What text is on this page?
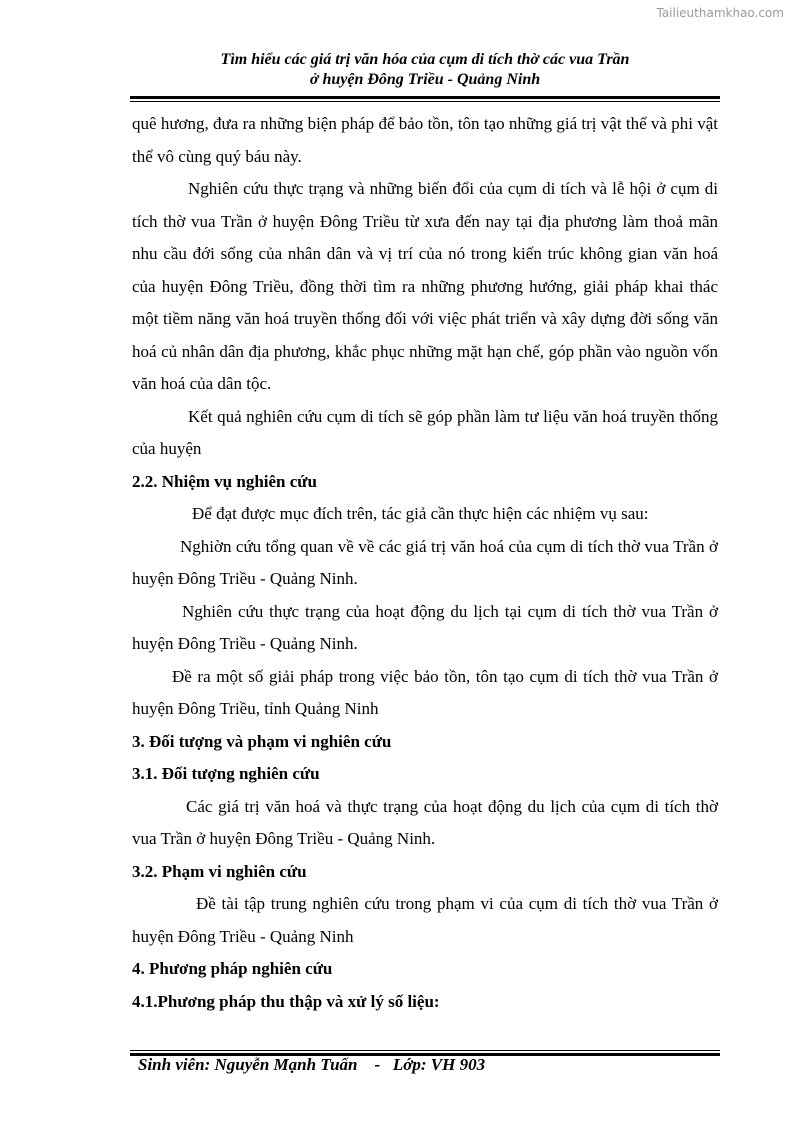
Tailieuthamkhao.com
Tìm hiểu các giá trị văn hóa của cụm di tích thờ các vua Trần
ở huyện Đông Triều - Quảng Ninh

quê hương, đưa ra những biện pháp để bảo tồn, tôn tạo những giá trị vật thể và phi vật thể vô cùng quý báu này.

Nghiên cứu thực trạng và những biến đổi của cụm di tích và lễ hội ở cụm di tích thờ vua Trần ở huyện Đông Triều từ xưa đến nay tại địa phương làm thoả mãn nhu cầu đới sống của nhân dân và vị trí của nó trong kiến trúc không gian văn hoá của huyện Đông Triều, đồng thời tìm ra những phương hướng, giải pháp khai thác một tiềm năng văn hoá truyền thống đối với việc phát triển và xây dựng đời sống văn hoá củ nhân dân địa phương, khắc phục những mặt hạn chế, góp phần vào nguồn vốn văn hoá của dân tộc.

Kết quả nghiên cứu cụm di tích sẽ góp phần làm tư liệu văn hoá truyền thống của huyện

2.2. Nhiệm vụ nghiên cứu

Để đạt được mục đích trên, tác giả cần thực hiện các nhiệm vụ sau:

Nghiờn cứu tổng quan về về các giá trị văn hoá của cụm di tích thờ vua Trần ở huyện Đông Triều - Quảng Ninh.

Nghiên cứu thực trạng của hoạt động du lịch tại cụm di tích thờ vua Trần ở huyện Đông Triều - Quảng Ninh.

Đề ra một số giải pháp trong việc bảo tồn, tôn tạo cụm di tích thờ vua Trần ở huyện Đông Triều, tỉnh Quảng Ninh

3. Đối tượng và phạm vi nghiên cứu

3.1. Đối tượng nghiên cứu

Các giá trị văn hoá và thực trạng của hoạt động du lịch của cụm di tích thờ vua Trần ở huyện Đông Triều - Quảng Ninh.

3.2. Phạm vi nghiên cứu

Đề tài tập trung nghiên cứu trong phạm vi của cụm di tích thờ vua Trần ở huyện Đông Triều - Quảng Ninh

4. Phương pháp nghiên cứu

4.1.Phương pháp thu thập và xử lý số liệu:

Sinh viên: Nguyễn Mạnh Tuấn    -   Lớp: VH 903
